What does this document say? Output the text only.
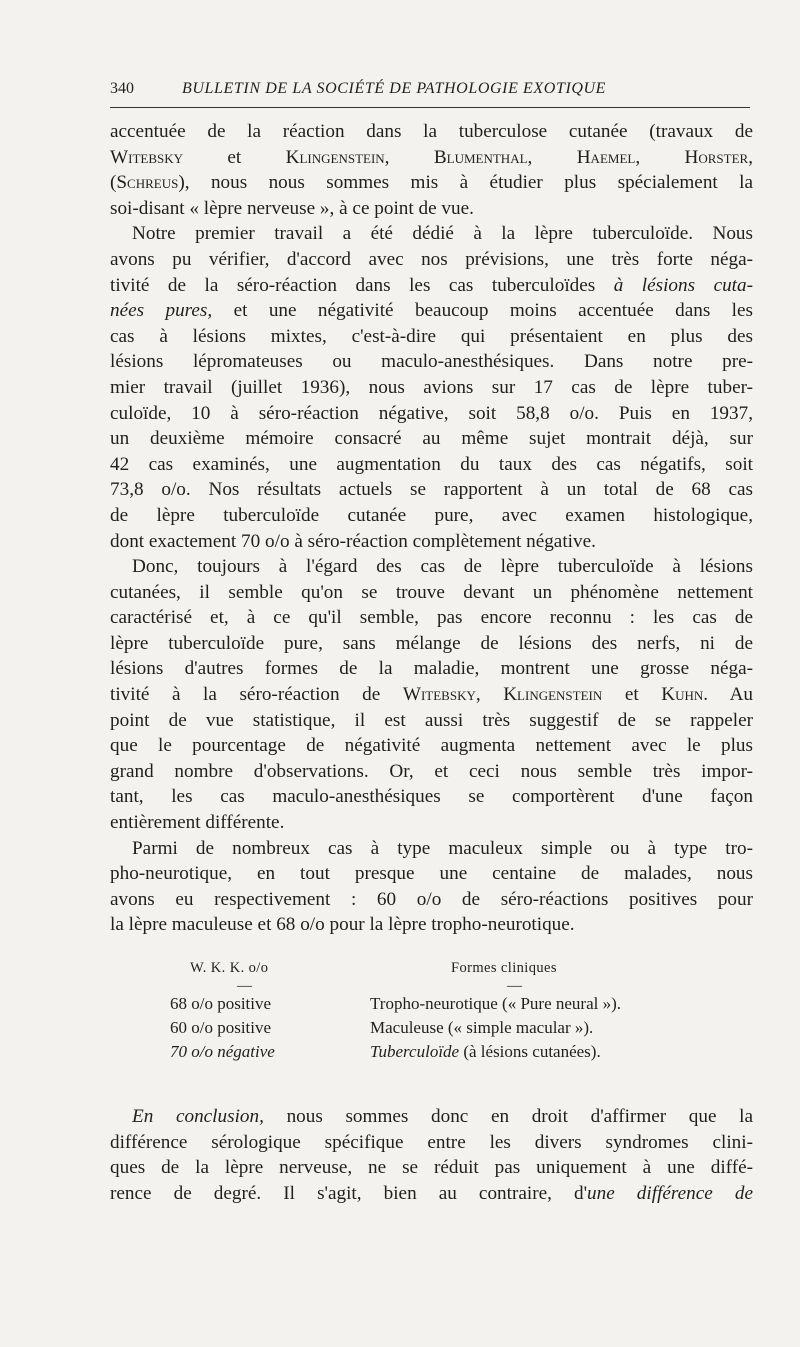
340	BULLETIN DE LA SOCIÉTÉ DE PATHOLOGIE EXOTIQUE

accentuée de la réaction dans la tuberculose cutanée (travaux de
Witebsky et Klingenstein, Blumenthal, Haemel, Horster,
(Schreus), nous nous sommes mis à étudier plus spécialement la
soi-disant « lèpre nerveuse », à ce point de vue.

Notre premier travail a été dédié à la lèpre tuberculoïde. Nous
avons pu vérifier, d'accord avec nos prévisions, une très forte néga-
tivité de la séro-réaction dans les cas tuberculoïdes à lésions cuta-
nées pures, et une négativité beaucoup moins accentuée dans les
cas à lésions mixtes, c'est-à-dire qui présentaient en plus des
lésions lépromateuses ou maculo-anesthésiques. Dans notre pre-
mier travail (juillet 1936), nous avions sur 17 cas de lèpre tuber-
culoïde, 10 à séro-réaction négative, soit 58,8 o/o. Puis en 1937,
un deuxième mémoire consacré au même sujet montrait déjà, sur
42 cas examinés, une augmentation du taux des cas négatifs, soit
73,8 o/o. Nos résultats actuels se rapportent à un total de 68 cas
de lèpre tuberculoïde cutanée pure, avec examen histologique,
dont exactement 70 o/o à séro-réaction complètement négative.

Donc, toujours à l'égard des cas de lèpre tuberculoïde à lésions
cutanées, il semble qu'on se trouve devant un phénomène nettement
caractérisé et, à ce qu'il semble, pas encore reconnu : les cas de
lèpre tuberculoïde pure, sans mélange de lésions des nerfs, ni de
lésions d'autres formes de la maladie, montrent une grosse néga-
tivité à la séro-réaction de Witebsky, Klingenstein et Kuhn. Au
point de vue statistique, il est aussi très suggestif de se rappeler
que le pourcentage de négativité augmenta nettement avec le plus
grand nombre d'observations. Or, et ceci nous semble très impor-
tant, les cas maculo-anesthésiques se comportèrent d'une façon
entièrement différente.

Parmi de nombreux cas à type maculeux simple ou à type tro-
pho-neurotique, en tout presque une centaine de malades, nous
avons eu respectivement : 60 o/o de séro-réactions positives pour
la lèpre maculeuse et 68 o/o pour la lèpre tropho-neurotique.

W. K. K. o/o	Formes cliniques
—	—
68 o/o positive	Tropho-neurotique (« Pure neural »).
60 o/o positive	Maculeuse (« simple macular »).
70 o/o négative	Tuberculoïde (à lésions cutanées).
En conclusion, nous sommes donc en droit d'affirmer que la
différence sérologique spécifique entre les divers syndromes clini-
ques de la lèpre nerveuse, ne se réduit pas uniquement à une diffé-
rence de degré. Il s'agit, bien au contraire, d'une différence de
